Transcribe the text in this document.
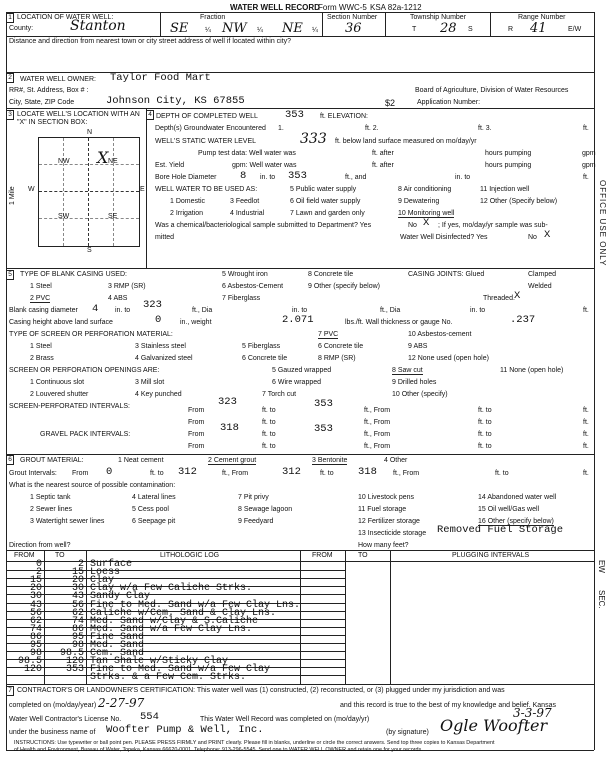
WATER WELL RECORD
Form WWC-5 KSA 82a-1212
1 LOCATION OF WATER WELL:
County:	Stanton
Fraction
SE ¼ NW ¼ NE ¼
Section Number
36
Township Number
T 28 S
Range Number
R 41	E/W
Distance and direction from nearest town or city street address of well if located within city?
2	WATER WELL OWNER: Taylor Food Mart
RR#, St. Address, Box # :	Board of Agriculture, Division of Water Resources
City, State, ZIP Code	Johnson City, KS 67855	$2	Application Number:
3 LOCATE WELL'S LOCATION WITH AN "X" IN SECTION BOX:
N
S
W	E
NW	NE
SW	SE
X
1 Mile
4 DEPTH OF COMPLETED WELL	353 ft. ELEVATION:
Depth(s) Groundwater Encountered 1.	ft. 2.	ft. 3.	ft.
WELL'S STATIC WATER LEVEL	333 ft. below land surface measured on mo/day/yr
Pump test data: Well water was	ft. after	hours pumping	gpm
Est. Yield	gpm: Well water was	ft. after	hours pumping	gpm
Bore Hole Diameter 8 in. to 353	ft., and	in. to	ft.
WELL WATER TO BE USED AS:	5 Public water supply	8 Air conditioning	11 Injection well
1 Domestic	3 Feedlot	6 Oil field water supply	9 Dewatering	12 Other (Specify below)
2 Irrigation	4 Industrial	7 Lawn and garden only	10 Monitoring well
Was a chemical/bacteriological sample submitted to Department? Yes	No X ; If yes, mo/day/yr sample was sub-
mitted	Water Well Disinfected? Yes	No X
5	TYPE OF BLANK CASING USED:	5 Wrought iron	8 Concrete tile	CASING JOINTS: Glued	Clamped
1 Steel	3 RMP (SR)	6 Asbestos-Cement	9 Other (specify below)	Welded
2 PVC	4 ABS	7 Fiberglass	Threaded. X
Blank casing diameter 4 in. to 323	ft., Dia	in. to	ft., Dia	in. to	ft.
Casing height above land surface	0	in., weight	2.071	lbs./ft. Wall thickness or gauge No.	.237
TYPE OF SCREEN OR PERFORATION MATERIAL:	7 PVC
1 Steel	3 Stainless steel	5 Fiberglass	6 Concrete tile
10 Asbestos-cement
9 ABS
2 Brass	4 Galvanized steel	6 Concrete tile	8 RMP (SR)	12 None used (open hole)
SCREEN OR PERFORATION OPENINGS ARE:	5 Gauzed wrapped	8 Saw cut	11 None (open hole)
1 Continuous slot	3 Mill slot	6 Wire wrapped	9 Drilled holes
2 Louvered shutter	4 Key punched	7 Torch cut	10 Other (specify)
SCREEN-PERFORATED INTERVALS:
From
323
ft. to
353
ft., From	ft. to	ft.
From	ft. to	ft., From	ft. to	ft.
GRAVEL PACK INTERVALS:	From
318
ft. to	353	ft., From	ft. to	ft.
From	ft. to	ft., From	ft. to	ft.
6	GROUT MATERIAL:	1 Neat cement	2 Cement grout	3 Bentonite	4 Other
Grout Intervals: From 0	ft. to 312	ft., From	312	ft. to 318 ft., From	ft. to	ft.
What is the nearest source of possible contamination:
1 Septic tank	4 Lateral lines	7 Pit privy	10 Livestock pens	14 Abandoned water well
2 Sewer lines	5 Cess pool	8 Sewage lagoon	11 Fuel storage	15 Oil well/Gas well
3 Watertight sewer lines	6 Seepage pit	9 Feedyard	12 Fertilizer storage	16 Other (specify below)
13 Insecticide storage Removed Fuel Storage
Direction from well?	How many feet?
FROM	TO	LITHOLOGIC LOG	FROM	TO	PLUGGING INTERVALS
0	2 Surface
2	15 Loess
15	20 Clay
20	30 Clay w/a Few Caliche Strks.
30	43 Sandy Clay
43	56 Fine to Med. Sand w/a Few Clay Lns.
56	62 Caliche w/Cem. Sand & Clay Lns.
62	74 Med. Sand w/Clay & S.Caliche
74	86 Med. Sand w/a Few Clay Lns.
86	95 Fine Sand
95	98 Med. Sand
98	98.5 Cem. Sand
98.5	120 Tan Shale w/Sticky Clay
120	353 Fine to Med. Sand w/a Few Clay
Strks. & a Few Cem. Strks.
7 CONTRACTOR'S OR LANDOWNER'S CERTIFICATION: This water well was (1) constructed, (2) reconstructed, or (3) plugged under my jurisdiction and was
completed on (mo/day/year) 2-27-97	and this record is true to the best of my knowledge and belief. Kansas
Water Well Contractor's License No. 554	This Water Well Record was completed on (mo/day/yr)	3-3-97
under the business name of Woofter Pump & Well, Inc.	(by signature) Ogle Woofter
INSTRUCTIONS: Use typewriter or ball point pen. PLEASE PRESS FIRMLY and PRINT clearly. Please fill in blanks, underline or circle the correct answers. Send top three copies to Kansas Department
of Health and Environment, Bureau of Water, Topeka, Kansas 66620-0001. Telephone: 913-296-5545. Send one to WATER WELL OWNER and retain one for your records.
OFFICE USE ONLY
EW
SEC.
